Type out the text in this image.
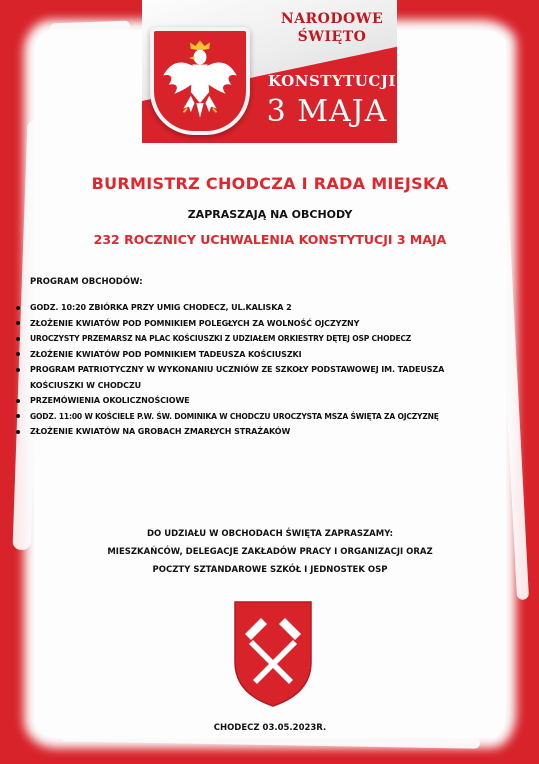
NARODOWE
ŚWIĘTO
KONSTYTUCJI
3 MAJA
BURMISTRZ CHODCZA I RADA MIEJSKA
ZAPRASZAJĄ NA OBCHODY
232 ROCZNICY UCHWALENIA KONSTYTUCJI 3 MAJA
PROGRAM OBCHODÓW:
GODZ. 10:20 ZBIÓRKA PRZY UMIG CHODECZ, UL.KALISKA 2
ZŁOŻENIE KWIATÓW POD POMNIKIEM POLEGŁYCH ZA WOLNOŚĆ OJCZYZNY
UROCZYSTY PRZEMARSZ NA PLAC KOŚCIUSZKI Z UDZIAŁEM ORKIESTRY DĘTEJ OSP CHODECZ
ZŁOŻENIE KWIATÓW POD POMNIKIEM TADEUSZA KOŚCIUSZKI
PROGRAM PATRIOTYCZNY W WYKONANIU UCZNIÓW ZE SZKOŁY PODSTAWOWEJ IM. TADEUSZA KOŚCIUSZKI W CHODCZU
PRZEMÓWIENIA OKOLICZNOŚCIOWE
GODZ. 11:00 W KOŚCIELE P.W. ŚW. DOMINIKA W CHODCZU UROCZYSTA MSZA ŚWIĘTA ZA OJCZYZNĘ
ZŁOŻENIE KWIATÓW NA GROBACH ZMARŁYCH STRAŻAKÓW
DO UDZIAŁU W OBCHODACH ŚWIĘTA ZAPRASZAMY:
MIESZKAŃCÓW, DELEGACJE ZAKŁADÓW PRACY I ORGANIZACJI ORAZ
POCZTY SZTANDAROWE SZKÓŁ I JEDNOSTEK OSP
CHODECZ 03.05.2023R.
